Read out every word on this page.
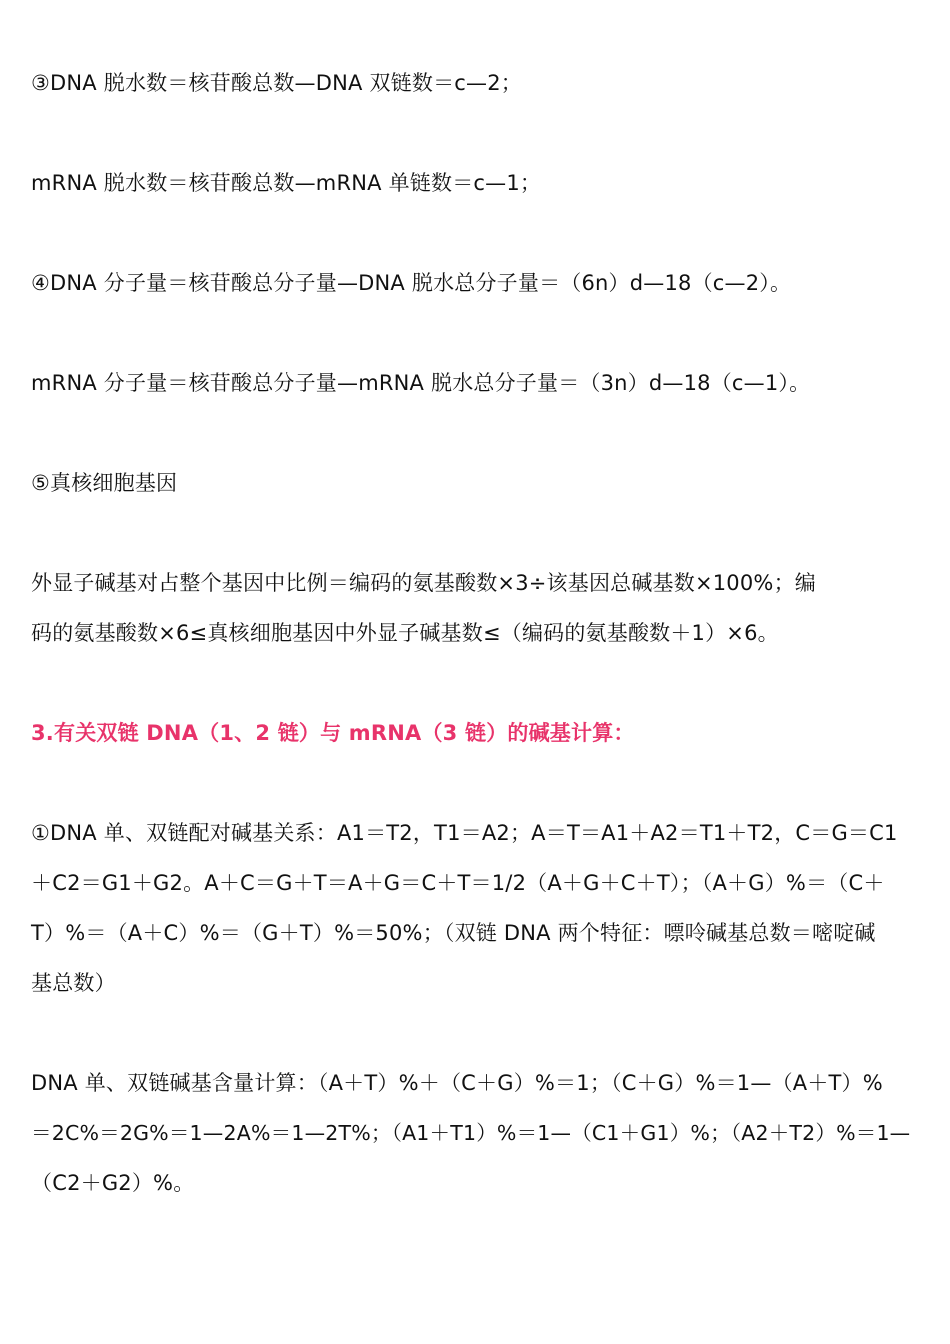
③DNA 脱水数＝核苷酸总数—DNA 双链数＝c—2；
mRNA 脱水数＝核苷酸总数—mRNA 单链数＝c—1；
④DNA 分子量＝核苷酸总分子量—DNA 脱水总分子量＝（6n）d—18（c—2）。
mRNA 分子量＝核苷酸总分子量—mRNA 脱水总分子量＝（3n）d—18（c—1）。
⑤真核细胞基因
外显子碱基对占整个基因中比例＝编码的氨基酸数×3÷该基因总碱基数×100%；编
码的氨基酸数×6≤真核细胞基因中外显子碱基数≤（编码的氨基酸数＋1）×6。
3.有关双链 DNA（1、2 链）与 mRNA（3 链）的碱基计算：
①DNA 单、双链配对碱基关系：A1＝T2，T1＝A2；A＝T＝A1＋A2＝T1＋T2，C＝G＝C1
＋C2＝G1＋G2。A＋C＝G＋T＝A＋G＝C＋T＝1/2（A＋G＋C＋T）；（A＋G）%＝（C＋
T）%＝（A＋C）%＝（G＋T）%＝50%；（双链 DNA 两个特征：嘌呤碱基总数＝嘧啶碱
基总数）
DNA 单、双链碱基含量计算：（A＋T）%＋（C＋G）%＝1；（C＋G）%＝1—（A＋T）%
＝2C%＝2G%＝1—2A%＝1—2T%；（A1＋T1）%＝1—（C1＋G1）%；（A2＋T2）%＝1—
（C2＋G2）%。
